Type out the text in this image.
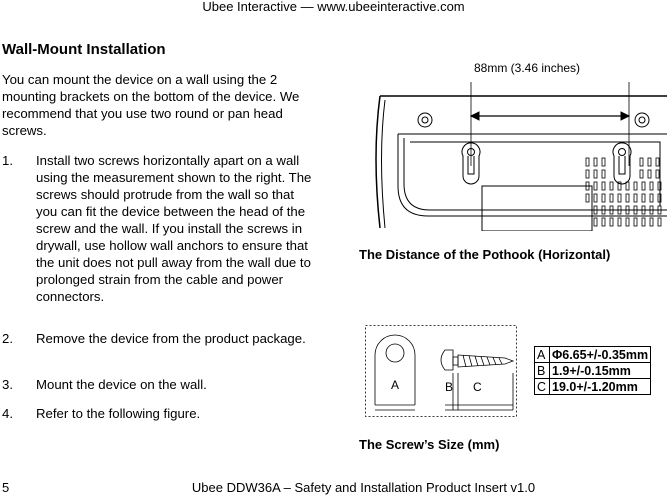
Ubee Interactive — www.ubeeinteractive.com
Wall-Mount Installation
You can mount the device on a wall using the 2 mounting brackets on the bottom of the device. We recommend that you use two round or pan head screws.
1. Install two screws horizontally apart on a wall using the measurement shown to the right. The screws should protrude from the wall so that you can fit the device between the head of the screw and the wall. If you install the screws in drywall, use hollow wall anchors to ensure that the unit does not pull away from the wall due to prolonged strain from the cable and power connectors.
2. Remove the device from the product package.
3. Mount the device on the wall.
4. Refer to the following figure.
88mm (3.46 inches)
The Distance of the Pothook (Horizontal)
A	B C
A	Φ6.65+/-0.35mm
B	1.9+/-0.15mm
C	19.0+/-1.20mm
The Screw’s Size (mm)
5	Ubee DDW36A – Safety and Installation Product Insert v1.0
